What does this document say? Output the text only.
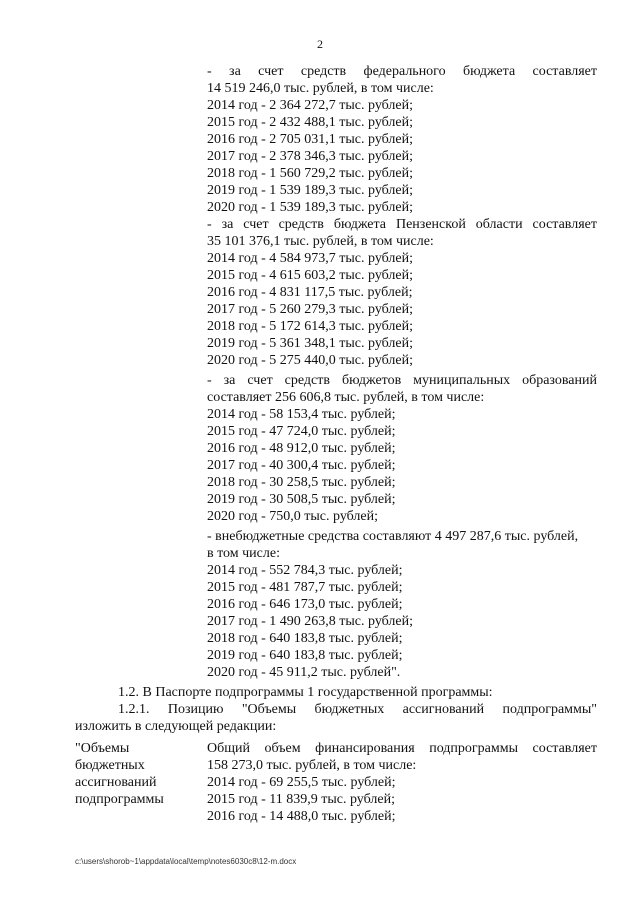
2
- за счет средств федерального бюджета составляет
14 519 246,0 тыс. рублей, в том числе:
2014 год - 2 364 272,7 тыс. рублей;
2015 год - 2 432 488,1 тыс. рублей;
2016 год - 2 705 031,1 тыс. рублей;
2017 год - 2 378 346,3 тыс. рублей;
2018 год - 1 560 729,2 тыс. рублей;
2019 год - 1 539 189,3 тыс. рублей;
2020 год - 1 539 189,3 тыс. рублей;
- за счет средств бюджета Пензенской области составляет
35 101 376,1 тыс. рублей, в том числе:
2014 год - 4 584 973,7 тыс. рублей;
2015 год - 4 615 603,2 тыс. рублей;
2016 год - 4 831 117,5 тыс. рублей;
2017 год - 5 260 279,3 тыс. рублей;
2018 год - 5 172 614,3 тыс. рублей;
2019 год - 5 361 348,1 тыс. рублей;
2020 год - 5 275 440,0 тыс. рублей;
- за счет средств бюджетов муниципальных образований
составляет 256 606,8 тыс. рублей, в том числе:
2014 год - 58 153,4 тыс. рублей;
2015 год - 47 724,0 тыс. рублей;
2016 год - 48 912,0 тыс. рублей;
2017 год - 40 300,4 тыс. рублей;
2018 год - 30 258,5 тыс. рублей;
2019 год - 30 508,5 тыс. рублей;
2020 год - 750,0 тыс. рублей;
- внебюджетные средства составляют 4 497 287,6 тыс. рублей,
в том числе:
2014 год - 552 784,3 тыс. рублей;
2015 год - 481 787,7 тыс. рублей;
2016 год - 646 173,0 тыс. рублей;
2017 год - 1 490 263,8 тыс. рублей;
2018 год - 640 183,8 тыс. рублей;
2019 год - 640 183,8 тыс. рублей;
2020 год - 45 911,2 тыс. рублей".
1.2. В Паспорте подпрограммы 1 государственной программы:
1.2.1. Позицию "Объемы бюджетных ассигнований подпрограммы"
изложить в следующей редакции:
"Объемы
бюджетных
ассигнований
подпрограммы
Общий объем финансирования подпрограммы составляет
158 273,0 тыс. рублей, в том числе:
2014 год - 69 255,5 тыс. рублей;
2015 год - 11 839,9 тыс. рублей;
2016 год - 14 488,0 тыс. рублей;
c:\users\shorob~1\appdata\local\temp\notes6030c8\12-m.docx
